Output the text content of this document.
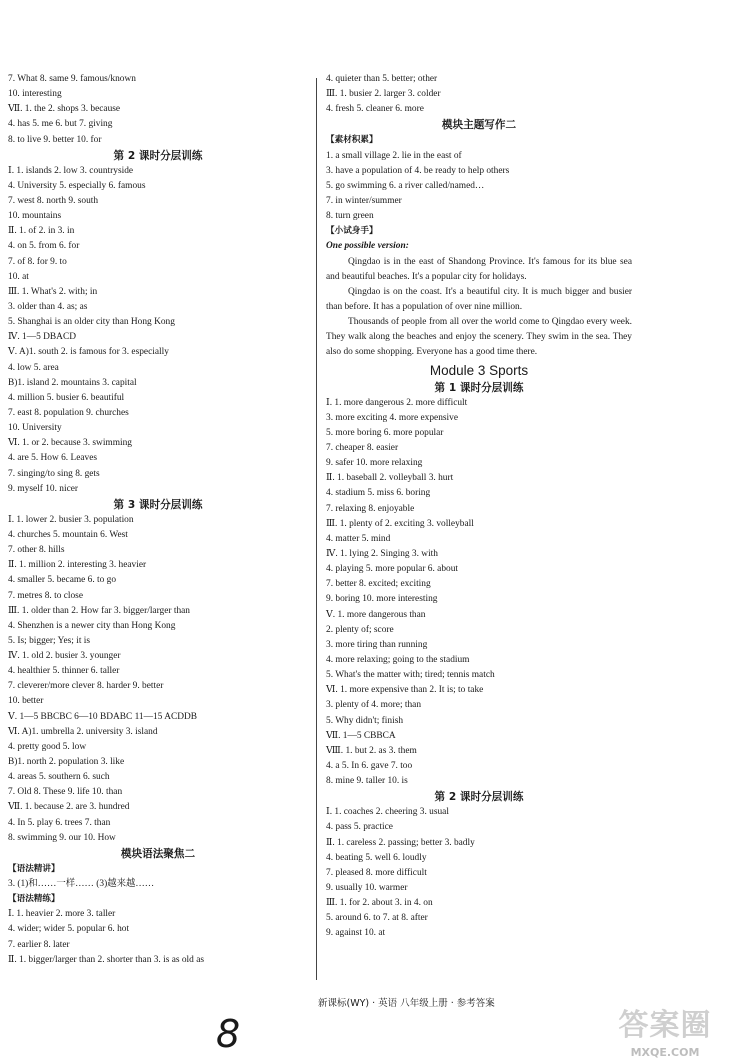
7. What 8. same 9. famous/known
10. interesting
Ⅶ. 1. the 2. shops 3. because
4. has 5. me 6. but 7. giving
8. to live 9. better 10. for
第 2 课时分层训练
Ⅰ. 1. islands 2. low 3. countryside
4. University 5. especially 6. famous
7. west 8. north 9. south
10. mountains
Ⅱ. 1. of 2. in 3. in
4. on 5. from 6. for
7. of 8. for 9. to
10. at
Ⅲ. 1. What's 2. with; in
3. older than 4. as; as
5. Shanghai is an older city than Hong Kong
Ⅳ. 1—5 DBACD
Ⅴ. A)1. south 2. is famous for 3. especially
4. low 5. area
B)1. island 2. mountains 3. capital
4. million 5. busier 6. beautiful
7. east 8. population 9. churches
10. University
Ⅵ. 1. or 2. because 3. swimming
4. are 5. How 6. Leaves
7. singing/to sing 8. gets
9. myself 10. nicer
第 3 课时分层训练
Ⅰ. 1. lower 2. busier 3. population
4. churches 5. mountain 6. West
7. other 8. hills
Ⅱ. 1. million 2. interesting 3. heavier
4. smaller 5. became 6. to go
7. metres 8. to close
Ⅲ. 1. older than 2. How far 3. bigger/larger than
4. Shenzhen is a newer city than Hong Kong
5. Is; bigger; Yes; it is
Ⅳ. 1. old 2. busier 3. younger
4. healthier 5. thinner 6. taller
7. cleverer/more clever 8. harder 9. better
10. better
Ⅴ. 1—5 BBCBC 6—10 BDABC 11—15 ACDDB
Ⅵ. A)1. umbrella 2. university 3. island
4. pretty good 5. low
B)1. north 2. population 3. like
4. areas 5. southern 6. such
7. Old 8. These 9. life 10. than
Ⅶ. 1. because 2. are 3. hundred
4. In 5. play 6. trees 7. than
8. swimming 9. our 10. How
模块语法聚焦二
【语法精讲】
3. (1)和……一样…… (3)越来越……
【语法精练】
Ⅰ. 1. heavier 2. more 3. taller
4. wider; wider 5. popular 6. hot
7. earlier 8. later
Ⅱ. 1. bigger/larger than 2. shorter than 3. is as old as
4. quieter than 5. better; other
Ⅲ. 1. busier 2. larger 3. colder
4. fresh 5. cleaner 6. more
模块主题写作二
【素材积累】
1. a small village 2. lie in the east of
3. have a population of 4. be ready to help others
5. go swimming 6. a river called/named…
7. in winter/summer
8. turn green
【小试身手】
One possible version:
Qingdao is in the east of Shandong Province. It's famous for its blue sea and beautiful beaches. It's a popular city for holidays.
Qingdao is on the coast. It's a beautiful city. It is much bigger and busier than before. It has a population of over nine million.
Thousands of people from all over the world come to Qingdao every week. They walk along the beaches and enjoy the scenery. They swim in the sea. They also do some shopping. Everyone has a good time there.
Module 3 Sports
第 1 课时分层训练
Ⅰ. 1. more dangerous 2. more difficult
3. more exciting 4. more expensive
5. more boring 6. more popular
7. cheaper 8. easier
9. safer 10. more relaxing
Ⅱ. 1. baseball 2. volleyball 3. hurt
4. stadium 5. miss 6. boring
7. relaxing 8. enjoyable
Ⅲ. 1. plenty of 2. exciting 3. volleyball
4. matter 5. mind
Ⅳ. 1. lying 2. Singing 3. with
4. playing 5. more popular 6. about
7. better 8. excited; exciting
9. boring 10. more interesting
Ⅴ. 1. more dangerous than
2. plenty of; score
3. more tiring than running
4. more relaxing; going to the stadium
5. What's the matter with; tired; tennis match
Ⅵ. 1. more expensive than 2. It is; to take
3. plenty of 4. more; than
5. Why didn't; finish
Ⅶ. 1—5 CBBCA
Ⅷ. 1. but 2. as 3. them
4. a 5. In 6. gave 7. too
8. mine 9. taller 10. is
第 2 课时分层训练
Ⅰ. 1. coaches 2. cheering 3. usual
4. pass 5. practice
Ⅱ. 1. careless 2. passing; better 3. badly
4. beating 5. well 6. loudly
7. pleased 8. more difficult
9. usually 10. warmer
Ⅲ. 1. for 2. about 3. in 4. on
5. around 6. to 7. at 8. after
9. against 10. at
新课标(WY) · 英语 八年级上册 · 参考答案
8	答案圈
MXQE.COM
